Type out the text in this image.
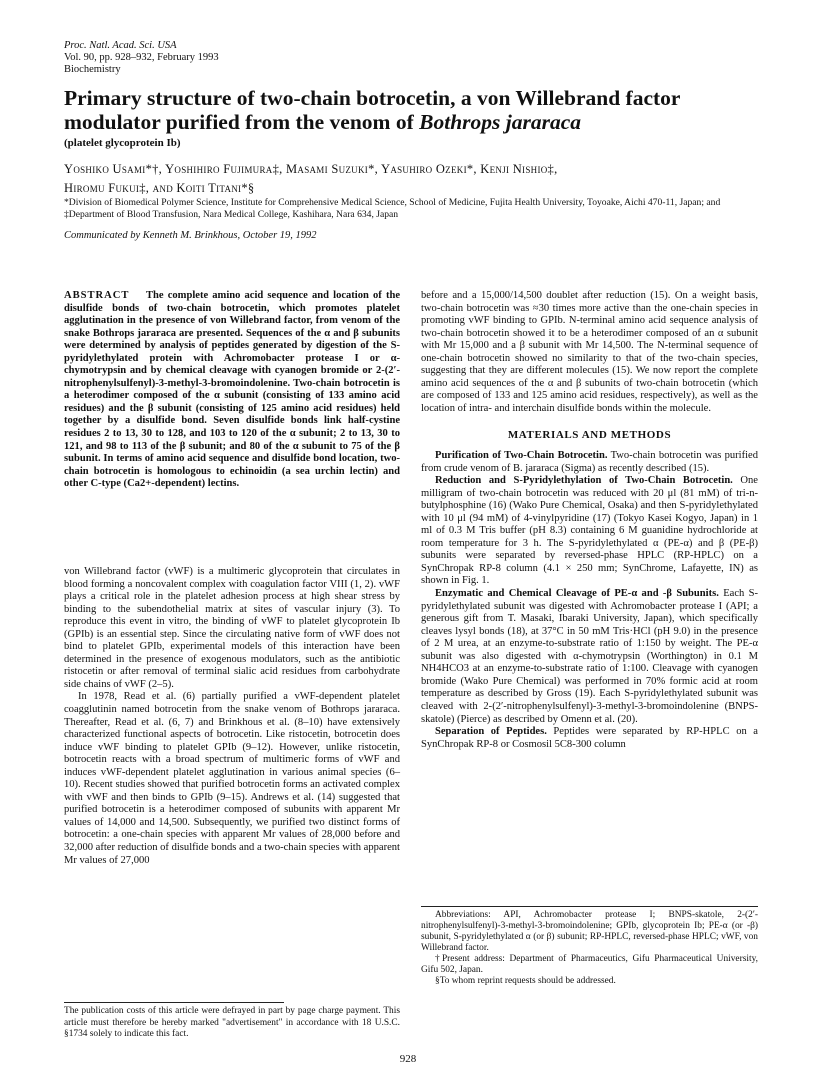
Proc. Natl. Acad. Sci. USA
Vol. 90, pp. 928–932, February 1993
Biochemistry
Primary structure of two-chain botrocetin, a von Willebrand factor modulator purified from the venom of Bothrops jararaca
(platelet glycoprotein Ib)
Yoshiko Usami*†, Yoshihiro Fujimura‡, Masami Suzuki*, Yasuhiro Ozeki*, Kenji Nishio‡,
Hiromu Fukui‡, and Koiti Titani*§
*Division of Biomedical Polymer Science, Institute for Comprehensive Medical Science, School of Medicine, Fujita Health University, Toyoake, Aichi 470-11, Japan; and ‡Department of Blood Transfusion, Nara Medical College, Kashihara, Nara 634, Japan
Communicated by Kenneth M. Brinkhous, October 19, 1992
ABSTRACT The complete amino acid sequence and location of the disulfide bonds of two-chain botrocetin, which promotes platelet agglutination in the presence of von Willebrand factor, from venom of the snake Bothrops jararaca are presented. Sequences of the α and β subunits were determined by analysis of peptides generated by digestion of the S-pyridylethylated protein with Achromobacter protease I or α-chymotrypsin and by chemical cleavage with cyanogen bromide or 2-(2′-nitrophenylsulfenyl)-3-methyl-3-bromoindolenine. Two-chain botrocetin is a heterodimer composed of the α subunit (consisting of 133 amino acid residues) and the β subunit (consisting of 125 amino acid residues) held together by a disulfide bond. Seven disulfide bonds link half-cystine residues 2 to 13, 30 to 128, and 103 to 120 of the α subunit; 2 to 13, 30 to 121, and 98 to 113 of the β subunit; and 80 of the α subunit to 75 of the β subunit. In terms of amino acid sequence and disulfide bond location, two-chain botrocetin is homologous to echinoidin (a sea urchin lectin) and other C-type (Ca2+-dependent) lectins.

von Willebrand factor (vWF) is a multimeric glycoprotein that circulates in blood forming a noncovalent complex with coagulation factor VIII (1, 2). vWF plays a critical role in the platelet adhesion process at high shear stress by binding to the subendothelial matrix at sites of vascular injury (3). To reproduce this event in vitro, the binding of vWF to platelet glycoprotein Ib (GPIb) is an essential step. Since the circulating native form of vWF does not bind to platelet GPIb, experimental models of this interaction have been determined in the presence of exogenous modulators, such as the antibiotic ristocetin or after removal of terminal sialic acid residues from carbohydrate side chains of vWF (2–5).

In 1978, Read et al. (6) partially purified a vWF-dependent platelet coagglutinin named botrocetin from the snake venom of Bothrops jararaca. Thereafter, Read et al. (6, 7) and Brinkhous et al. (8–10) have extensively characterized functional aspects of botrocetin. Like ristocetin, botrocetin does induce vWF binding to platelet GPIb (9–12). However, unlike ristocetin, botrocetin reacts with a broad spectrum of multimeric forms of vWF and induces vWF-dependent platelet agglutination in various animal species (6–10). Recent studies showed that purified botrocetin forms an activated complex with vWF and then binds to GPIb (9–15). Andrews et al. (14) suggested that purified botrocetin is a heterodimer composed of subunits with apparent Mr values of 14,000 and 14,500. Subsequently, we purified two distinct forms of botrocetin: a one-chain species with apparent Mr values of 28,000 before and 32,000 after reduction of disulfide bonds and a two-chain species with apparent Mr values of 27,000

before and a 15,000/14,500 doublet after reduction (15). On a weight basis, two-chain botrocetin was ≈30 times more active than the one-chain species in promoting vWF binding to GPIb. N-terminal amino acid sequence analysis of two-chain botrocetin showed it to be a heterodimer composed of an α subunit with Mr 15,000 and a β subunit with Mr 14,500. The N-terminal sequence of one-chain botrocetin showed no similarity to that of the two-chain species, suggesting that they are different molecules (15). We now report the complete amino acid sequences of the α and β subunits of two-chain botrocetin (which are composed of 133 and 125 amino acid residues, respectively), as well as the location of intra- and interchain disulfide bonds within the molecule.
MATERIALS AND METHODS

Purification of Two-Chain Botrocetin. Two-chain botrocetin was purified from crude venom of B. jararaca (Sigma) as recently described (15).

Reduction and S-Pyridylethylation of Two-Chain Botrocetin. One milligram of two-chain botrocetin was reduced with 20 μl (81 mM) of tri-n-butylphosphine (16) (Wako Pure Chemical, Osaka) and then S-pyridylethylated with 10 μl (94 mM) of 4-vinylpyridine (17) (Tokyo Kasei Kogyo, Japan) in 1 ml of 0.3 M Tris buffer (pH 8.3) containing 6 M guanidine hydrochloride at room temperature for 3 h. The S-pyridylethylated α (PE-α) and β (PE-β) subunits were separated by reversed-phase HPLC (RP-HPLC) on a SynChropak RP-8 column (4.1 × 250 mm; SynChrome, Lafayette, IN) as shown in Fig. 1.

Enzymatic and Chemical Cleavage of PE-α and -β Subunits. Each S-pyridylethylated subunit was digested with Achromobacter protease I (API; a generous gift from T. Masaki, Ibaraki University, Japan), which specifically cleaves lysyl bonds (18), at 37°C in 50 mM Tris·HCl (pH 9.0) in the presence of 2 M urea, at an enzyme-to-substrate ratio of 1:150 by weight. The PE-α subunit was also digested with α-chymotrypsin (Worthington) in 0.1 M NH4HCO3 at an enzyme-to-substrate ratio of 1:100. Cleavage with cyanogen bromide (Wako Pure Chemical) was performed in 70% formic acid at room temperature as described by Gross (19). Each S-pyridylethylated subunit was cleaved with 2-(2′-nitrophenylsulfenyl)-3-methyl-3-bromoindolenine (BNPS-skatole) (Pierce) as described by Omenn et al. (20).

Separation of Peptides. Peptides were separated by RP-HPLC on a SynChropak RP-8 or Cosmosil 5C8-300 column

Abbreviations: API, Achromobacter protease I; BNPS-skatole, 2-(2′-nitrophenylsulfenyl)-3-methyl-3-bromoindolenine; GPIb, glycoprotein Ib; PE-α (or -β) subunit, S-pyridylethylated α (or β) subunit; RP-HPLC, reversed-phase HPLC; vWF, von Willebrand factor.

†Present address: Department of Pharmaceutics, Gifu Pharmaceutical University, Gifu 502, Japan.

§To whom reprint requests should be addressed.

The publication costs of this article were defrayed in part by page charge payment. This article must therefore be hereby marked "advertisement" in accordance with 18 U.S.C. §1734 solely to indicate this fact.
928
